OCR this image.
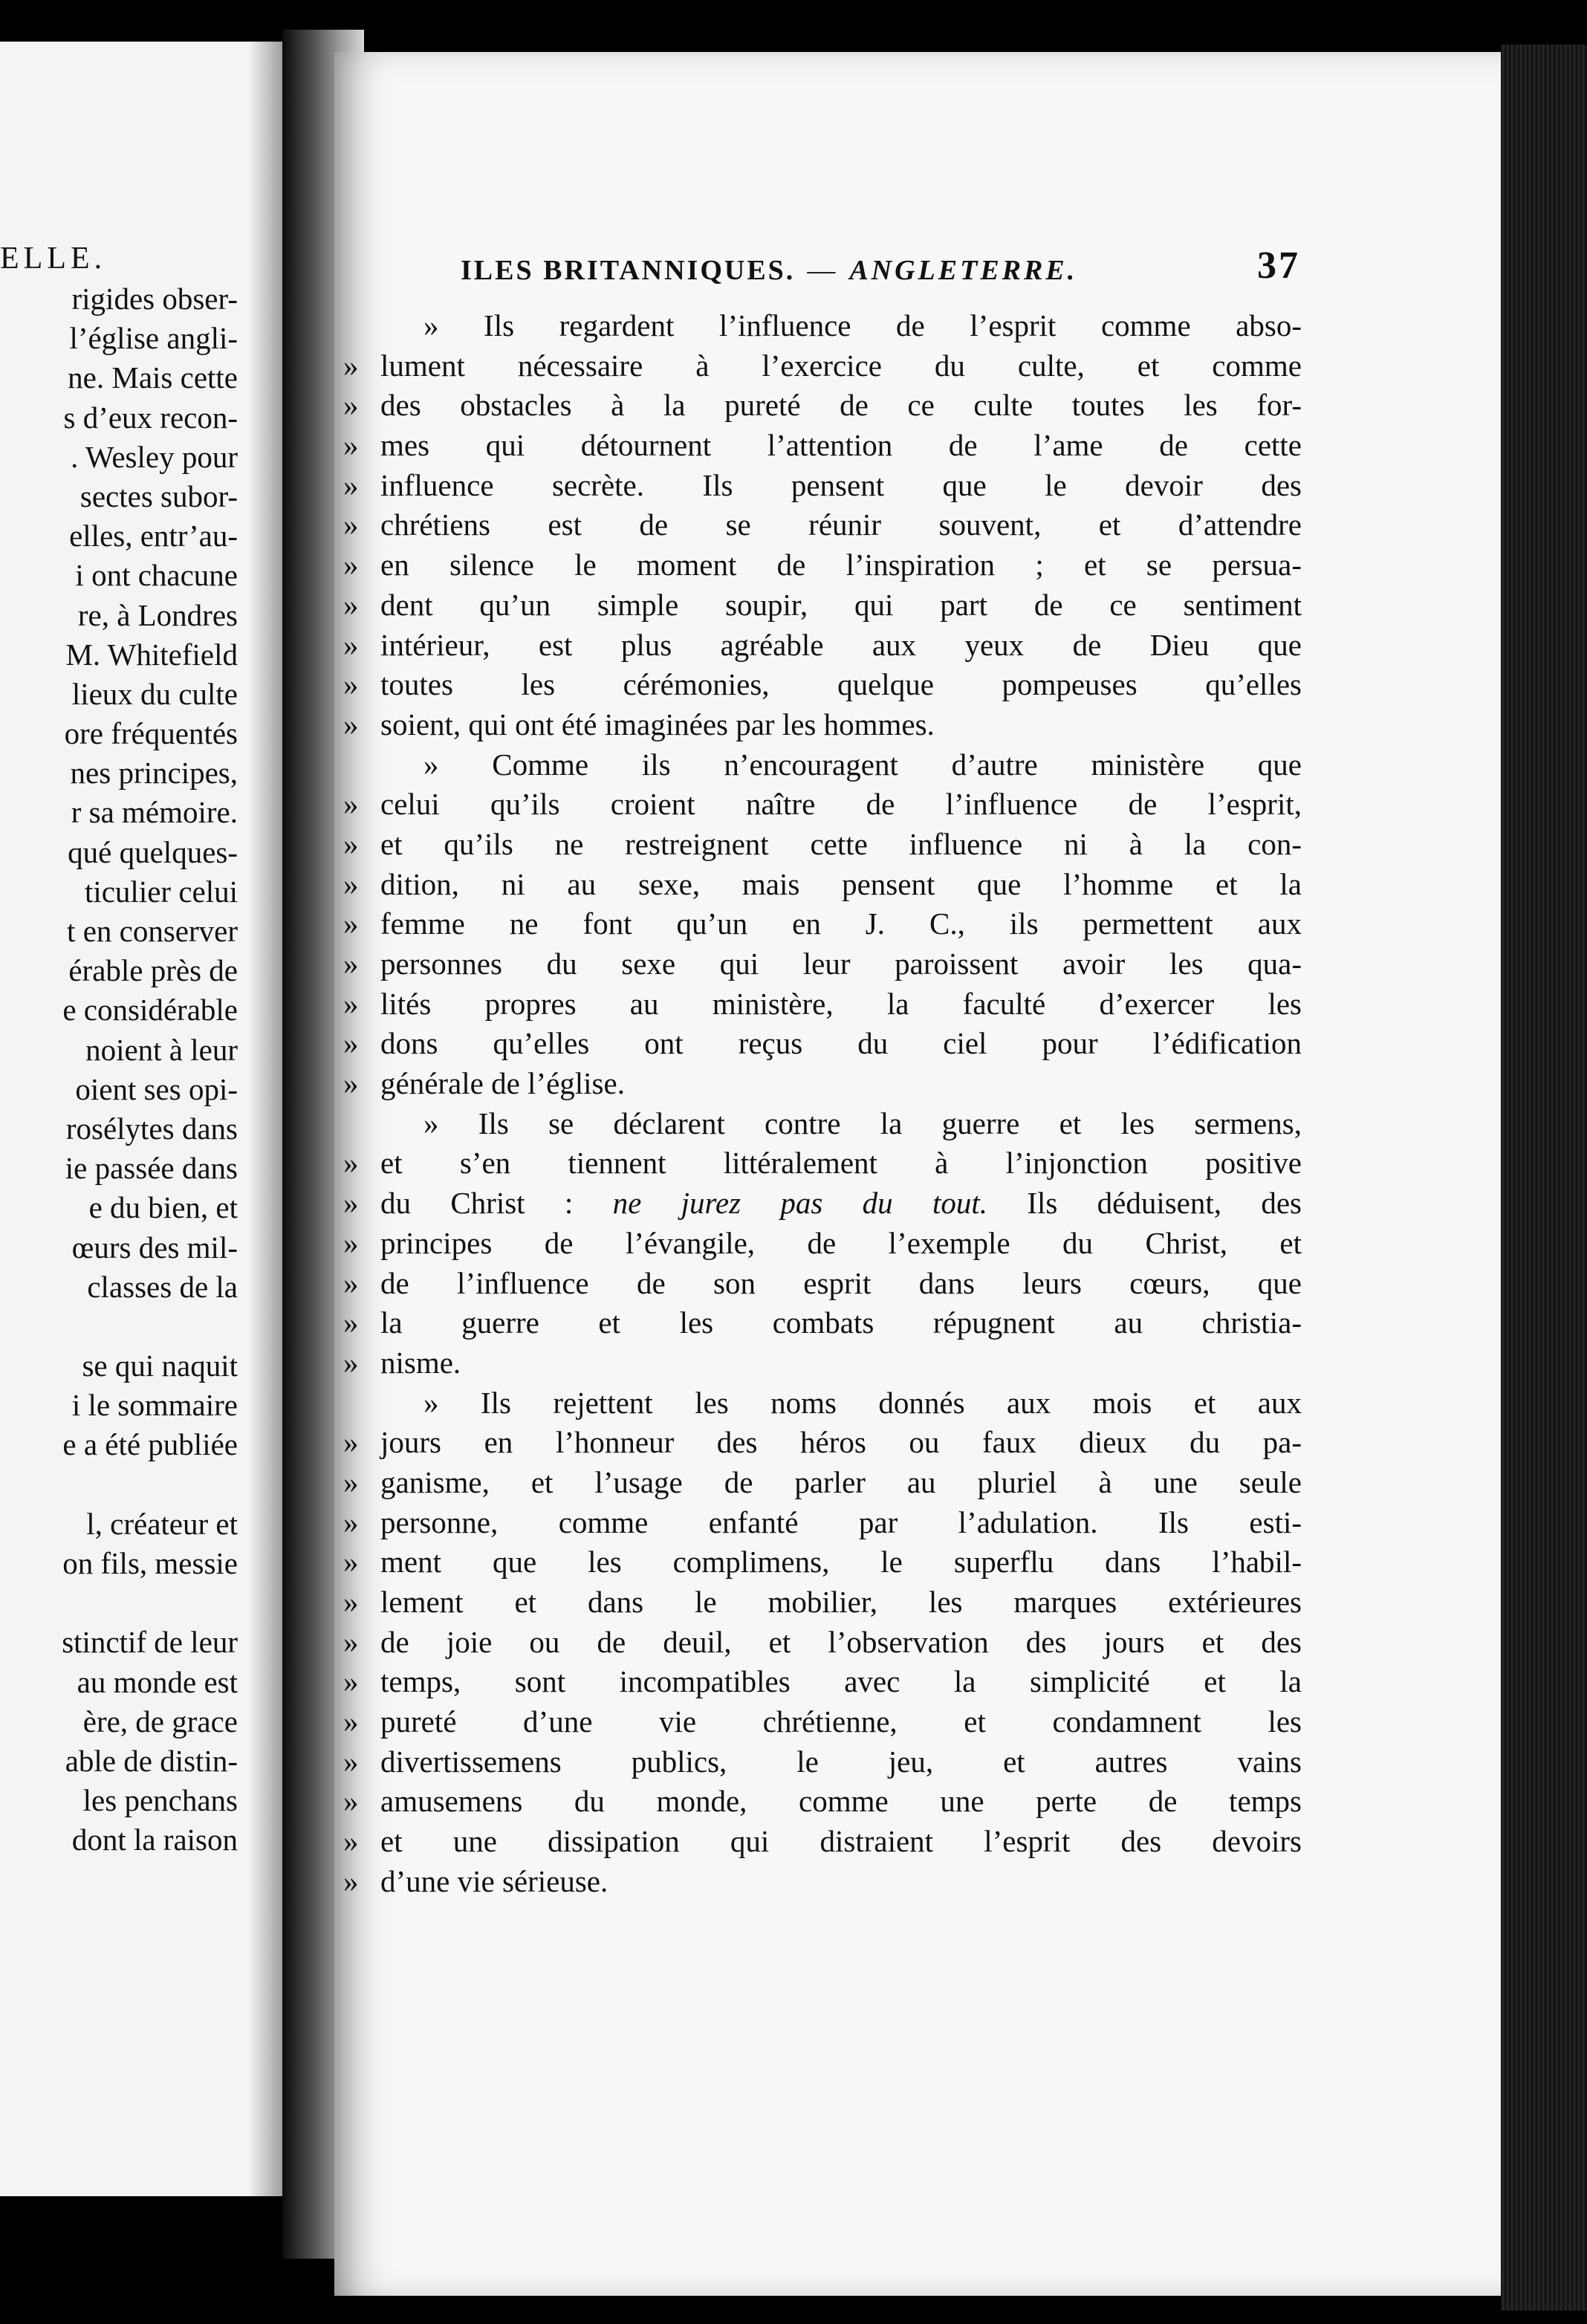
ELLE.
rigides obser-
l’église angli-
ne. Mais cette
s d’eux recon-
. Wesley pour
sectes subor-
elles, entr’au-
i ont chacune
re, à Londres
M. Whitefield
lieux du culte
ore fréquentés
nes principes,
r sa mémoire.
qué quelques-
ticulier celui
t en conserver
érable près de
e considérable
noient à leur
oient ses opi-
rosélytes dans
ie passée dans
e du bien, et
œurs des mil-
classes de la
se qui naquit
i le sommaire
e a été publiée
l, créateur et
on fils, messie
stinctif de leur
au monde est
ère, de grace
able de distin-
les penchans
dont la raison
ILES BRITANNIQUES. — ANGLETERRE.	37
» Ils regardent l’influence de l’esprit comme abso-
» lument nécessaire à l’exercice du culte, et comme
» des obstacles à la pureté de ce culte toutes les for-
» mes qui détournent l’attention de l’ame de cette
» influence secrète. Ils pensent que le devoir des
» chrétiens est de se réunir souvent, et d’attendre
» en silence le moment de l’inspiration ; et se persua-
» dent qu’un simple soupir, qui part de ce sentiment
» intérieur, est plus agréable aux yeux de Dieu que
» toutes les cérémonies, quelque pompeuses qu’elles
» soient, qui ont été imaginées par les hommes.
» Comme ils n’encouragent d’autre ministère que
» celui qu’ils croient naître de l’influence de l’esprit,
» et qu’ils ne restreignent cette influence ni à la con-
» dition, ni au sexe, mais pensent que l’homme et la
» femme ne font qu’un en J. C., ils permettent aux
» personnes du sexe qui leur paroissent avoir les qua-
» lités propres au ministère, la faculté d’exercer les
» dons qu’elles ont reçus du ciel pour l’édification
» générale de l’église.
» Ils se déclarent contre la guerre et les sermens,
» et s’en tiennent littéralement à l’injonction positive
» du Christ : ne jurez pas du tout. Ils déduisent, des
» principes de l’évangile, de l’exemple du Christ, et
» de l’influence de son esprit dans leurs cœurs, que
» la guerre et les combats répugnent au christia-
» nisme.
» Ils rejettent les noms donnés aux mois et aux
» jours en l’honneur des héros ou faux dieux du pa-
» ganisme, et l’usage de parler au pluriel à une seule
» personne, comme enfanté par l’adulation. Ils esti-
» ment que les complimens, le superflu dans l’habil-
» lement et dans le mobilier, les marques extérieures
» de joie ou de deuil, et l’observation des jours et des
» temps, sont incompatibles avec la simplicité et la
» pureté d’une vie chrétienne, et condamnent les
» divertissemens publics, le jeu, et autres vains
» amusemens du monde, comme une perte de temps
» et une dissipation qui distraient l’esprit des devoirs
» d’une vie sérieuse.
